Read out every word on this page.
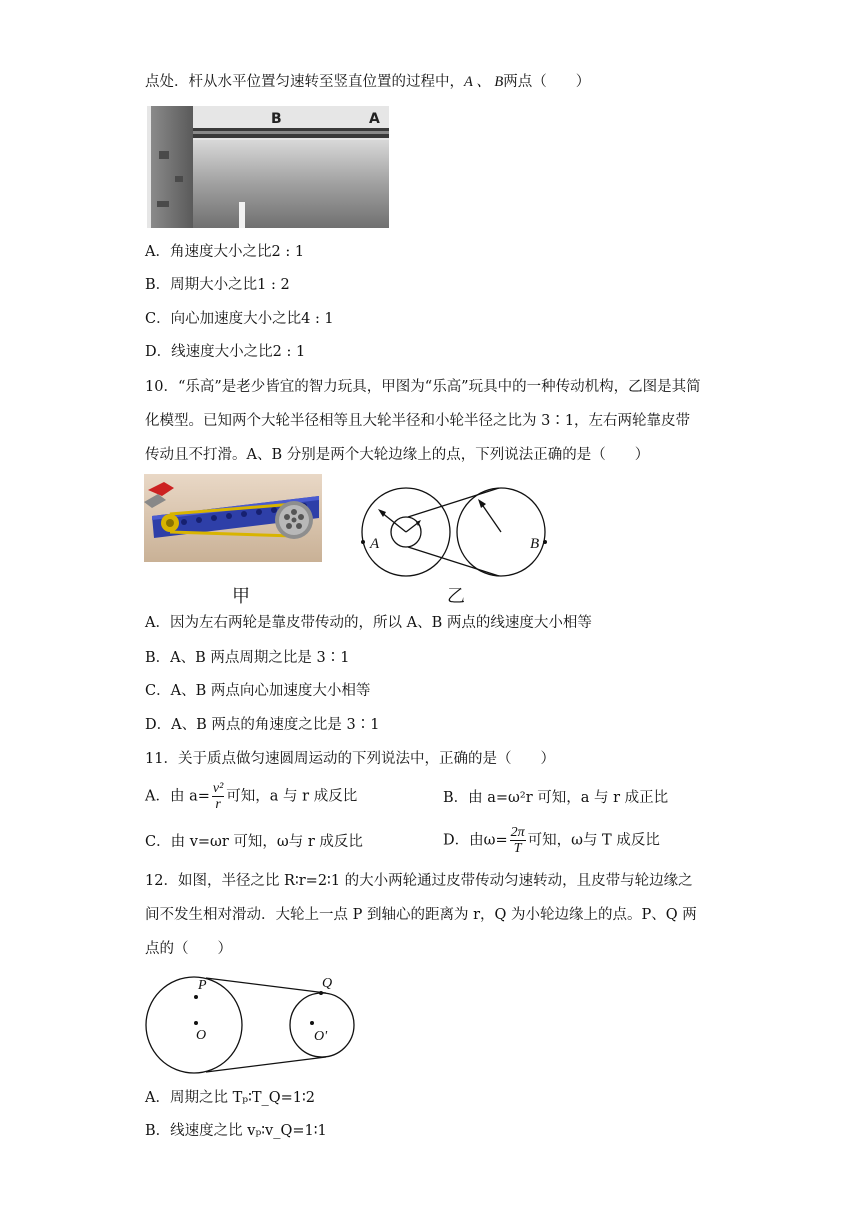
点处．杆从水平位置匀速转至竖直位置的过程中，A 、 B两点（　　）
B	A
A．角速度大小之比2 : 1
B．周期大小之比1 : 2
C．向心加速度大小之比4 : 1
D．线速度大小之比2 : 1
10．“乐高”是老少皆宜的智力玩具，甲图为“乐高”玩具中的一种传动机构，乙图是其简
化模型。已知两个大轮半径相等且大轮半径和小轮半径之比为 3∶1，左右两轮靠皮带
传动且不打滑。A、B 分别是两个大轮边缘上的点，下列说法正确的是（　　）
甲
A	B
乙
A．因为左右两轮是靠皮带传动的，所以 A、B 两点的线速度大小相等
B．A、B 两点周期之比是 3∶1
C．A、B 两点向心加速度大小相等
D．A、B 两点的角速度之比是 3∶1
11．关于质点做匀速圆周运动的下列说法中，正确的是（　　）
A．由 $a= \frac{\text{v²}}{r}$ 可知，a 与 r 成反比	B．由 a=ω²r 可知，a 与 r 成正比
C．由 v=ωr 可知，ω与 r 成反比	D．由$\omega= \frac{2\pi}{T}$ 可知，ω与 T 成反比
12．如图，半径之比 R∶r=2∶1 的大小两轮通过皮带传动匀速转动，且皮带与轮边缘之
间不发生相对滑动．大轮上一点 P 到轴心的距离为 r，Q 为小轮边缘上的点。P、Q 两
点的（　　）
P
O
Q
O'
A．周期之比 Tₚ∶T_Q=1∶2
B．线速度之比 vₚ∶v_Q=1∶1
